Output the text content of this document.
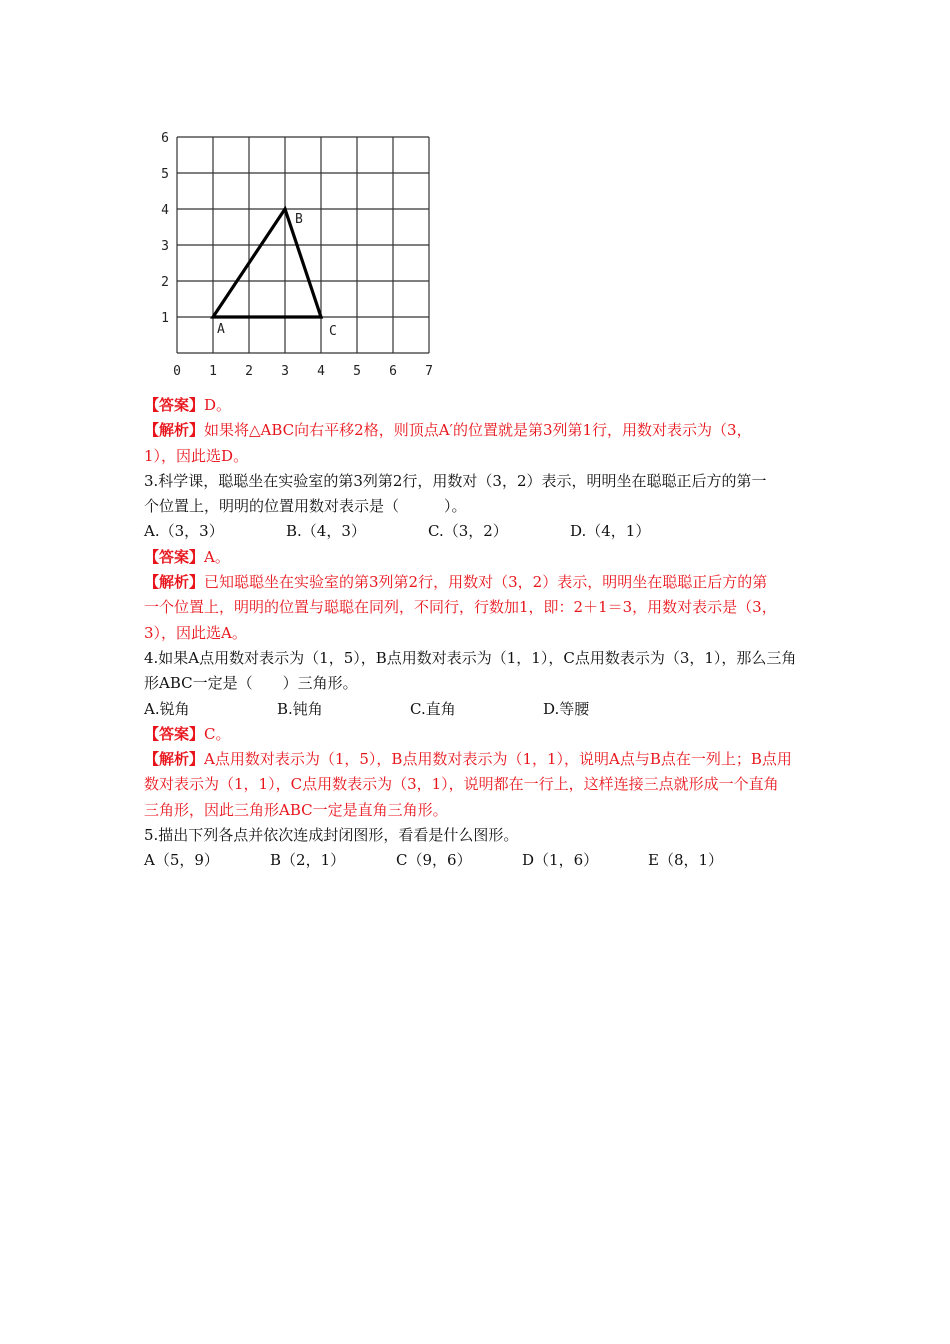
0 1 2 3 4 5 6 7
1
2
3
4
5
6
A
B
C
【答案】D。
【解析】如果将△ABC向右平移2格，则顶点A′的位置就是第3列第1行，用数对表示为（3，
1），因此选D。
3.科学课，聪聪坐在实验室的第3列第2行，用数对（3，2）表示，明明坐在聪聪正后方的第一
个位置上，明明的位置用数对表示是（　　　）。
A.（3，3）	B.（4，3）	C.（3，2）	D.（4，1）
【答案】A。
【解析】已知聪聪坐在实验室的第3列第2行，用数对（3，2）表示，明明坐在聪聪正后方的第
一个位置上，明明的位置与聪聪在同列，不同行，行数加1，即：2＋1＝3，用数对表示是（3，
3），因此选A。
4.如果A点用数对表示为（1，5），B点用数对表示为（1，1），C点用数表示为（3，1），那么三角
形ABC一定是（　　）三角形。
A.锐角	B.钝角	C.直角	D.等腰
【答案】C。
【解析】A点用数对表示为（1，5），B点用数对表示为（1，1），说明A点与B点在一列上；B点用
数对表示为（1，1），C点用数表示为（3，1），说明都在一行上，这样连接三点就形成一个直角
三角形，因此三角形ABC一定是直角三角形。
5.描出下列各点并依次连成封闭图形，看看是什么图形。
A（5，9）	B（2，1）	C（9，6）	D（1，6）	E（8，1）
